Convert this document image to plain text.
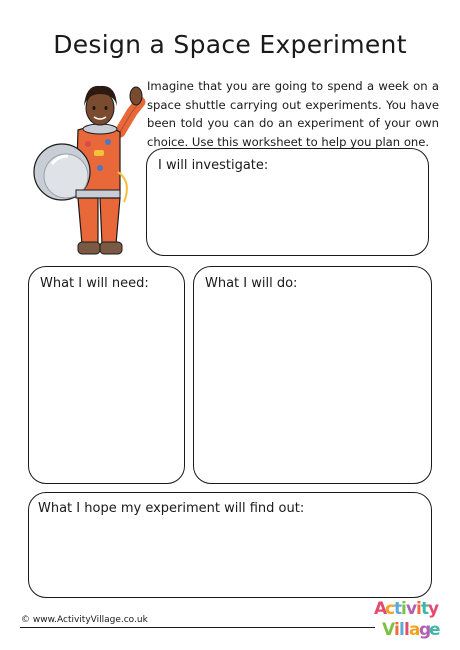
Design a Space Experiment
Imagine that you are going to spend a week on a space shuttle carrying out experiments. You have been told you can do an experiment of your own choice. Use this worksheet to help you plan one.
I will investigate:
What I will need:	What I will do:
What I hope my experiment will find out:
© www.ActivityVillage.co.uk
A
c
t
i v
i t
y
V
i l l a
g
e
